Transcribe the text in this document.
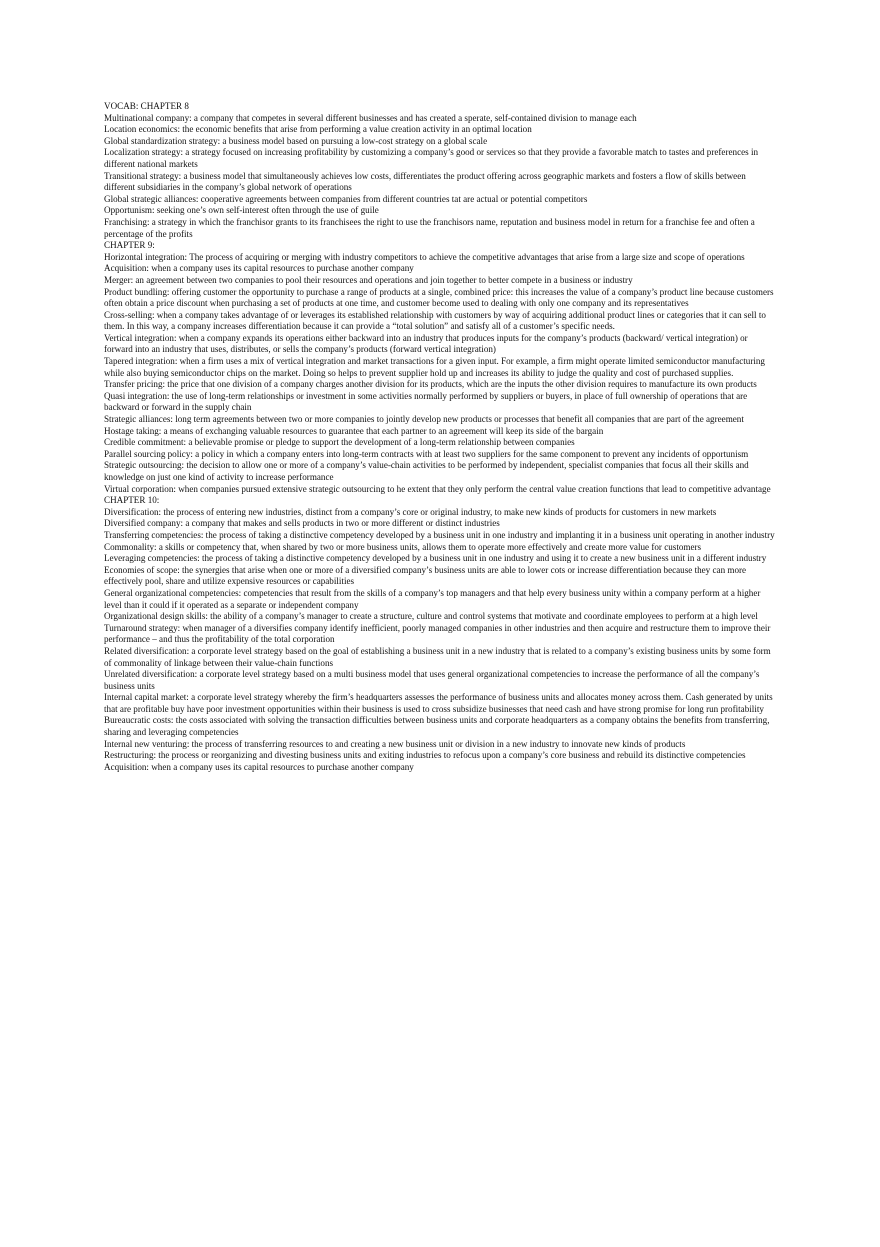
VOCAB: CHAPTER 8

Multinational company: a company that competes in several different businesses and has created a sperate, self-contained division to manage each

Location economics: the economic benefits that arise from performing a value creation activity in an optimal location

Global standardization strategy: a business model based on pursuing a low-cost strategy on a global scale

Localization strategy: a strategy focused on increasing profitability by customizing a company’s good or services so that they provide a favorable match to tastes and preferences in different national markets

Transitional strategy: a business model that simultaneously achieves low costs, differentiates the product offering across geographic markets and fosters a flow of skills between different subsidiaries in the company’s global network of operations

Global strategic alliances: cooperative agreements between companies from different countries tat are actual or potential competitors

Opportunism: seeking one’s own self-interest often through the use of guile

Franchising: a strategy in which the franchisor grants to its franchisees the right to use the franchisors name, reputation and business model in return for a franchise fee and often a percentage of the profits

CHAPTER 9:

Horizontal integration: The process of acquiring or merging with industry competitors to achieve the competitive advantages that arise from a large size and scope of operations

Acquisition: when a company uses its capital resources to purchase another company

Merger: an agreement between two companies to pool their resources and operations and join together to better compete in a business or industry

Product bundling: offering customer the opportunity to purchase a range of products at a single, combined price: this increases the value of a company’s product line because customers often obtain a price discount when purchasing a set of products at one time, and customer become used to dealing with only one company and its representatives

Cross-selling: when a company takes advantage of or leverages its established relationship with customers by way of acquiring additional product lines or categories that it can sell to them. In this way, a company increases differentiation because it can provide a “total solution” and satisfy all of a customer’s specific needs.

Vertical integration: when a company expands its operations either backward into an industry that produces inputs for the company’s products (backward/ vertical integration) or forward into an industry that uses, distributes, or sells the company’s products (forward vertical integration)

Tapered integration: when a firm uses a mix of vertical integration and market transactions for a given input. For example, a firm might operate limited semiconductor manufacturing while also buying semiconductor chips on the market. Doing so helps to prevent supplier hold up and increases its ability to judge the quality and cost of purchased supplies.

Transfer pricing: the price that one division of a company charges another division for its products, which are the inputs the other division requires to manufacture its own products

Quasi integration: the use of long-term relationships or investment in some activities normally performed by suppliers or buyers, in place of full ownership of operations that are backward or forward in the supply chain

Strategic alliances: long term agreements between two or more companies to jointly develop new products or processes that benefit all companies that are part of the agreement

Hostage taking: a means of exchanging valuable resources to guarantee that each partner to an agreement will keep its side of the bargain

Credible commitment: a believable promise or pledge to support the development of a long-term relationship between companies

Parallel sourcing policy: a policy in which a company enters into long-term contracts with at least two suppliers for the same component to prevent any incidents of opportunism

Strategic outsourcing: the decision to allow one or more of a company’s value-chain activities to be performed by independent, specialist companies that focus all their skills and knowledge on just one kind of activity to increase performance

Virtual corporation: when companies pursued extensive strategic outsourcing to he extent that they only perform the central value creation functions that lead to competitive advantage

CHAPTER 10:

Diversification: the process of entering new industries, distinct from a company’s core or original industry, to make new kinds of products for customers in new markets

Diversified company: a company that makes and sells products in two or more different or distinct industries

Transferring competencies: the process of taking a distinctive competency developed by a business unit in one industry and implanting it in a business unit operating in another industry

Commonality: a skills or competency that, when shared by two or more business units, allows them to operate more effectively and create more value for customers

Leveraging competencies: the process of taking a distinctive competency developed by a business unit in one industry and using it to create a new business unit in a different industry

Economies of scope: the synergies that arise when one or more of a diversified company’s business units are able to lower cots or increase differentiation because they can more effectively pool, share and utilize expensive resources or capabilities

General organizational competencies: competencies that result from the skills of a company’s top managers and that help every business unity within a company perform at a higher level than it could if it operated as a separate or independent company

Organizational design skills: the ability of a company’s manager to create a structure, culture and control systems that motivate and coordinate employees to perform at a high level

Turnaround strategy: when manager of a diversifies company identify inefficient, poorly managed companies in other industries and then acquire and restructure them to improve their performance – and thus the profitability of the total corporation

Related diversification: a corporate level strategy based on the goal of establishing a business unit in a new industry that is related to a company’s existing business units by some form of commonality of linkage between their value-chain functions

Unrelated diversification: a corporate level strategy based on a multi business model that uses general organizational competencies to increase the performance of all the company’s business units

Internal capital market: a corporate level strategy whereby the firm’s headquarters assesses the performance of business units and allocates money across them. Cash generated by units that are profitable buy have poor investment opportunities within their business is used to cross subsidize businesses that need cash and have strong promise for long run profitability

Bureaucratic costs: the costs associated with solving the transaction difficulties between business units and corporate headquarters as a company obtains the benefits from transferring, sharing and leveraging competencies

Internal new venturing: the process of transferring resources to and creating a new business unit or division in a new industry to innovate new kinds of products

Restructuring: the process or reorganizing and divesting business units and exiting industries to refocus upon a company’s core business and rebuild its distinctive competencies

Acquisition: when a company uses its capital resources to purchase another company
